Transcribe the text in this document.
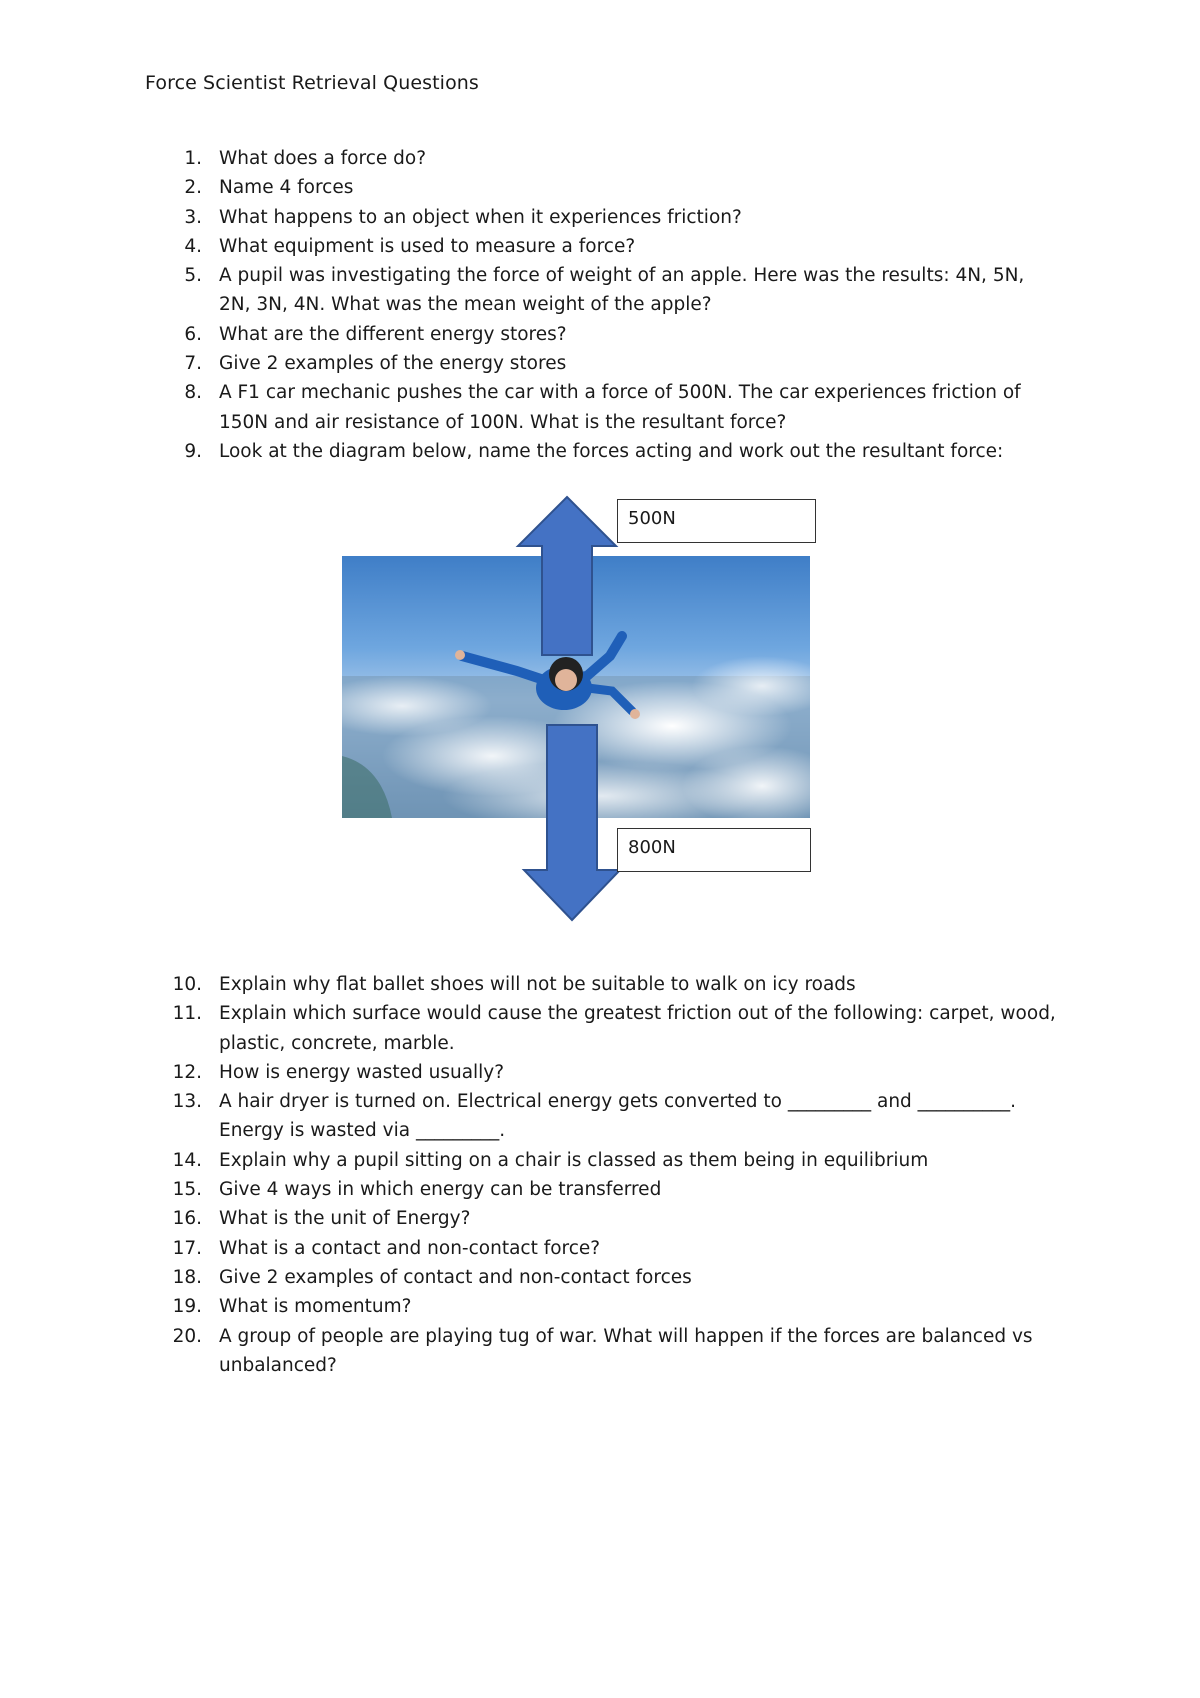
Force Scientist Retrieval Questions
1. What does a force do?
2. Name 4 forces
3. What happens to an object when it experiences friction?
4. What equipment is used to measure a force?
5. A pupil was investigating the force of weight of an apple. Here was the results: 4N, 5N, 2N, 3N, 4N. What was the mean weight of the apple?
6. What are the different energy stores?
7. Give 2 examples of the energy stores
8. A F1 car mechanic pushes the car with a force of 500N. The car experiences friction of 150N and air resistance of 100N. What is the resultant force?
9. Look at the diagram below, name the forces acting and work out the resultant force:
500N
800N
10. Explain why flat ballet shoes will not be suitable to walk on icy roads
11. Explain which surface would cause the greatest friction out of the following: carpet, wood, plastic, concrete, marble.
12. How is energy wasted usually?
13. A hair dryer is turned on. Electrical energy gets converted to _________ and __________. Energy is wasted via _________.
14. Explain why a pupil sitting on a chair is classed as them being in equilibrium
15. Give 4 ways in which energy can be transferred
16. What is the unit of Energy?
17. What is a contact and non-contact force?
18. Give 2 examples of contact and non-contact forces
19. What is momentum?
20. A group of people are playing tug of war. What will happen if the forces are balanced vs unbalanced?
